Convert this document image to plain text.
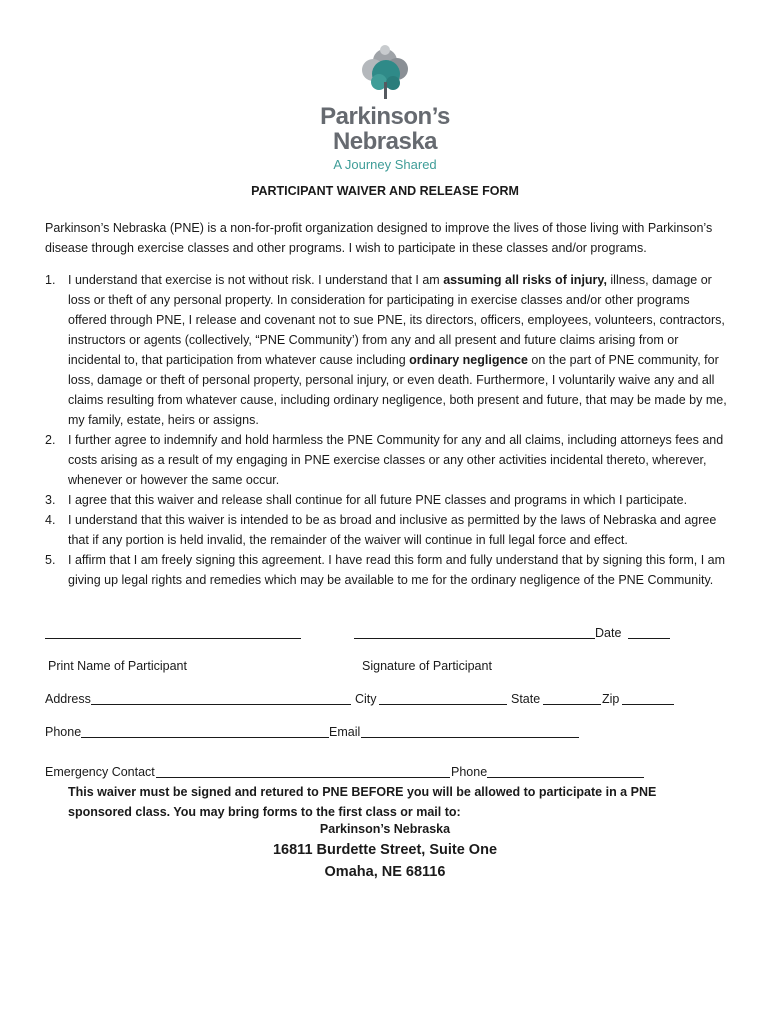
Parkinson’s
Nebraska
A Journey Shared
PARTICIPANT WAIVER AND RELEASE FORM
Parkinson’s Nebraska (PNE) is a non-for-profit organization designed to improve the lives of those living with Parkinson’s disease through exercise classes and other programs. I wish to participate in these classes and/or programs.
1. I understand that exercise is not without risk. I understand that I am assuming all risks of injury, illness, damage or loss or theft of any personal property. In consideration for participating in exercise classes and/or other programs offered through PNE, I release and covenant not to sue PNE, its directors, officers, employees, volunteers, contractors, instructors or agents (collectively, “PNE Community’) from any and all present and future claims arising from or incidental to, that participation from whatever cause including ordinary negligence on the part of PNE community, for loss, damage or theft of personal property, personal injury, or even death. Furthermore, I voluntarily waive any and all claims resulting from whatever cause, including ordinary negligence, both present and future, that may be made by me, my family, estate, heirs or assigns.
2. I further agree to indemnify and hold harmless the PNE Community for any and all claims, including attorneys fees and costs arising as a result of my engaging in PNE exercise classes or any other activities incidental thereto, wherever, whenever or however the same occur.
3. I agree that this waiver and release shall continue for all future PNE classes and programs in which I participate.
4. I understand that this waiver is intended to be as broad and inclusive as permitted by the laws of Nebraska and agree that if any portion is held invalid, the remainder of the waiver will continue in full legal force and effect.
5. I affirm that I am freely signing this agreement. I have read this form and fully understand that by signing this form, I am giving up legal rights and remedies which may be available to me for the ordinary negligence of the PNE Community.
Date
Print Name of Participant	Signature of Participant
Address	City	State	Zip
Phone	Email
Emergency Contact	Phone
This waiver must be signed and retured to PNE BEFORE you will be allowed to participate in a PNE sponsored class. You may bring forms to the first class or mail to:
Parkinson’s Nebraska
16811 Burdette Street, Suite One
Omaha, NE 68116
